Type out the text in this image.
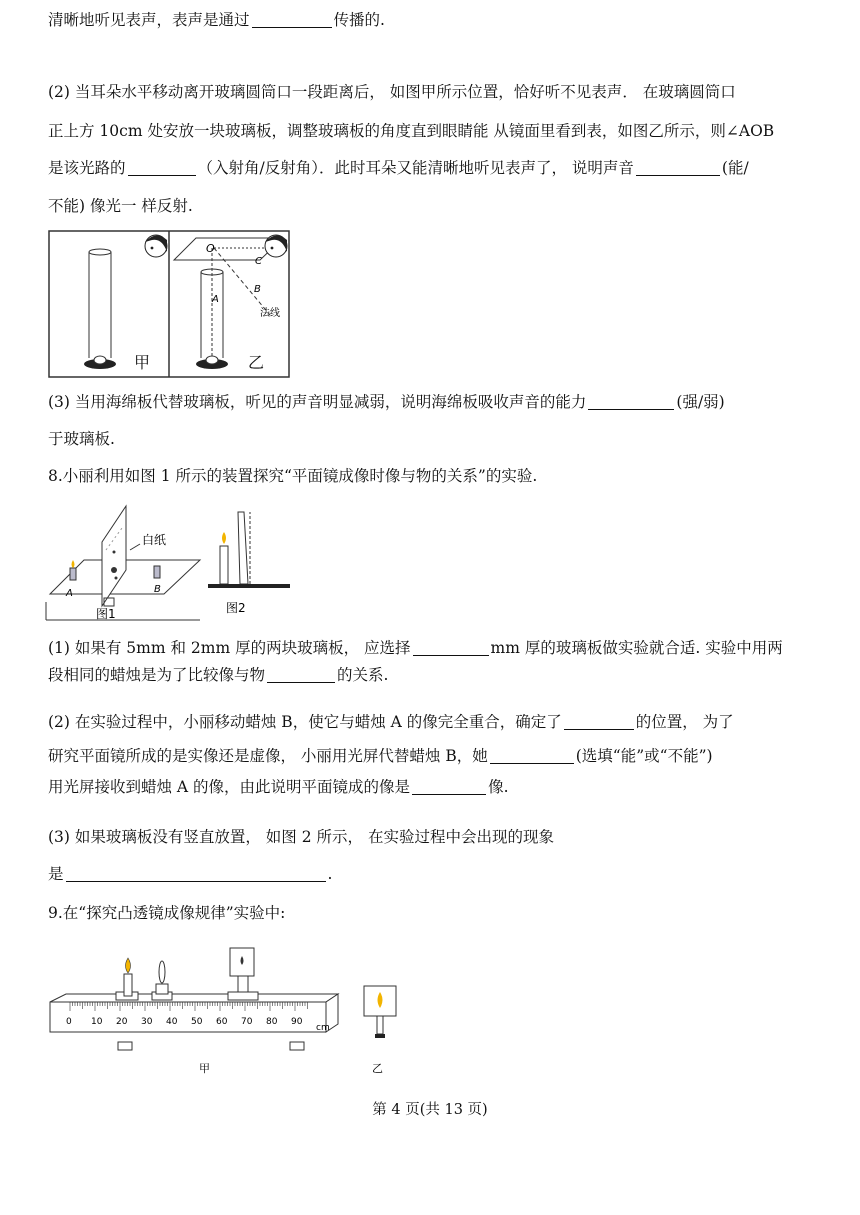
清晰地听见表声，表声是通过	传播的.
(2) 当耳朵水平移动离开玻璃圆筒口一段距离后， 如图甲所示位置，恰好听不见表声． 在玻璃圆筒口
正上方 10cm 处安放一块玻璃板，调整玻璃板的角度直到眼睛能 从镜面里看到表，如图乙所示，则∠AOB
是该光路的	（入射角/反射角）．此时耳朵又能清晰地听见表声了， 说明声音	(能/
不能) 像光一 样反射.
甲
O
A
B
C
法线
乙
(3) 当用海绵板代替玻璃板，听见的声音明显减弱，说明海绵板吸收声音的能力	(强/弱)
于玻璃板.
8.小丽利用如图 1 所示的装置探究“平面镜成像时像与物的关系”的实验.
白纸
A	B
图1	图2
(1) 如果有 5mm 和 2mm 厚的两块玻璃板， 应选择	mm 厚的玻璃板做实验就合适. 实验中用两
段相同的蜡烛是为了比较像与物	的关系.
(2) 在实验过程中，小丽移动蜡烛 B，使它与蜡烛 A 的像完全重合，确定了	的位置， 为了
研究平面镜所成的是实像还是虚像， 小丽用光屏代替蜡烛 B，她	(选填“能”或“不能”)
用光屏接收到蜡烛 A 的像，由此说明平面镜成的像是	像.
(3) 如果玻璃板没有竖直放置， 如图 2 所示， 在实验过程中会出现的现象
是	.
9.在“探究凸透镜成像规律”实验中:
0 10 20 30 40 50 60 70 80 90
cm
甲	乙
第 4 页(共 13 页)
